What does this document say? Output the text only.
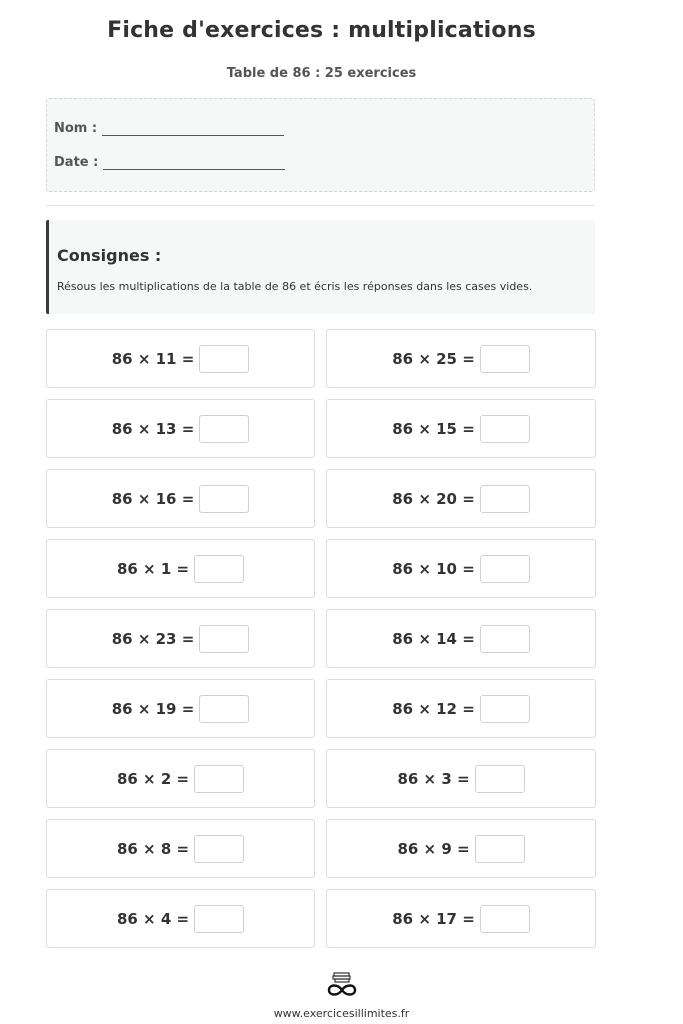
Fiche d'exercices : multiplications
Table de 86 : 25 exercices
Nom :
Date :
Consignes :

Résous les multiplications de la table de 86 et écris les réponses dans les cases vides.

86 × 11 =	86 × 25 =
86 × 13 =	86 × 15 =
86 × 16 =	86 × 20 =
86 × 1 =	86 × 10 =
86 × 23 =	86 × 14 =
86 × 19 =	86 × 12 =
86 × 2 =	86 × 3 =
86 × 8 =	86 × 9 =
86 × 4 =	86 × 17 =
www.exercicesillimites.fr
